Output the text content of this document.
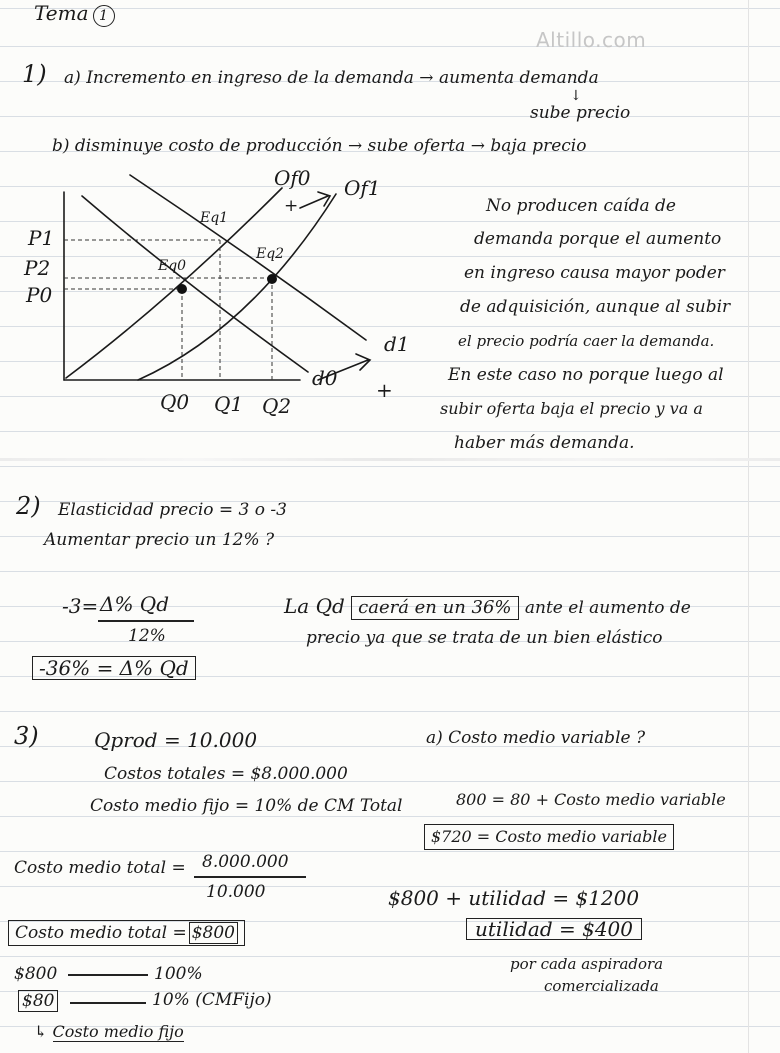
Altillo.com
Tema 1
1) a) Incremento en ingreso de la demanda → aumenta demanda
↓
sube precio
b) disminuye costo de producción → sube oferta → baja precio
P1
P2
P0
Q0 Q1 Q2
Eq0
Eq1
Eq2
Of0 Of1
+
d0
d1
+
No producen caída de
demanda porque el aumento
en ingreso causa mayor poder
de adquisición, aunque al subir
el precio podría caer la demanda.
En este caso no porque luego al
subir oferta baja el precio y va a
haber más demanda.
2) Elasticidad precio = 3 o -3
Aumentar precio un 12% ?
-3= Δ% Qd
12%
-36% = Δ% Qd
La Qd caerá en un 36% ante el aumento de
precio ya que se trata de un bien elástico
3)	Qprod = 10.000
Costos totales = $8.000.000
Costo medio fijo = 10% de CM Total
Costo medio total = 8.000.000
10.000
Costo medio total = $800
$800	100%
$80	10% (CMFijo)
↳ Costo medio fijo
a) Costo medio variable ?
800 = 80 + Costo medio variable
$720 = Costo medio variable
$800 + utilidad = $1200
utilidad = $400
por cada aspiradora
comercializada
